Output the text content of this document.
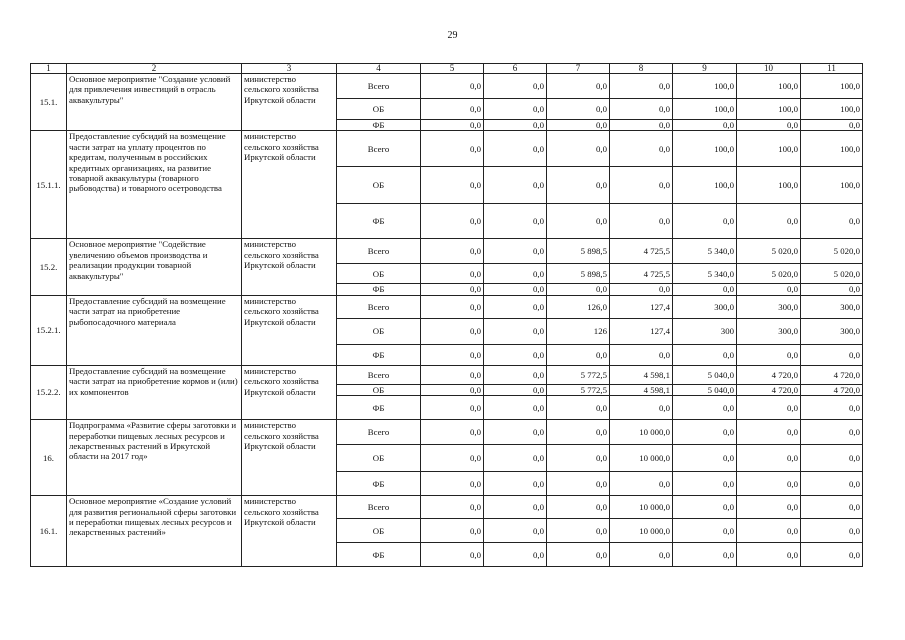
29
1	2	3	4	5	6	7	8	9	10	11
15.1.	Основное мероприятие "Создание условий для привлечения инвестиций в отрасль аквакультуры"	министерство сельского хозяйства Иркутской области	Всего	0,0	0,0	0,0	0,0	100,0	100,0	100,0
			ОБ	0,0	0,0	0,0	0,0	100,0	100,0	100,0
			ФБ	0,0	0,0	0,0	0,0	0,0	0,0	0,0
15.1.1.	Предоставление субсидий на возмещение части затрат на уплату процентов по кредитам, полученным в российских кредитных организациях, на развитие товарной аквакультуры (товарного рыбоводства) и товарного осетроводства	министерство сельского хозяйства Иркутской области	Всего	0,0	0,0	0,0	0,0	100,0	100,0	100,0
			ОБ	0,0	0,0	0,0	0,0	100,0	100,0	100,0
			ФБ	0,0	0,0	0,0	0,0	0,0	0,0	0,0
15.2.	Основное мероприятие "Содействие увеличению объемов производства и реализации продукции товарной аквакультуры"	министерство сельского хозяйства Иркутской области	Всего	0,0	0,0	5 898,5	4 725,5	5 340,0	5 020,0	5 020,0
			ОБ	0,0	0,0	5 898,5	4 725,5	5 340,0	5 020,0	5 020,0
			ФБ	0,0	0,0	0,0	0,0	0,0	0,0	0,0
15.2.1.	Предоставление субсидий на возмещение части затрат на приобретение рыбопосадочного материала	министерство сельского хозяйства Иркутской области	Всего	0,0	0,0	126,0	127,4	300,0	300,0	300,0
			ОБ	0,0	0,0	126	127,4	300	300,0	300,0
			ФБ	0,0	0,0	0,0	0,0	0,0	0,0	0,0
15.2.2.	Предоставление субсидий на возмещение части затрат на приобретение кормов и (или) их компонентов	министерство сельского хозяйства Иркутской области	Всего	0,0	0,0	5 772,5	4 598,1	5 040,0	4 720,0	4 720,0
			ОБ	0,0	0,0	5 772,5	4 598,1	5 040,0	4 720,0	4 720,0
			ФБ	0,0	0,0	0,0	0,0	0,0	0,0	0,0
16.	Подпрограмма «Развитие сферы заготовки и переработки пищевых лесных ресурсов и лекарственных растений в Иркутской области на 2017 год»	министерство сельского хозяйства Иркутской области	Всего	0,0	0,0	0,0	10 000,0	0,0	0,0	0,0
			ОБ	0,0	0,0	0,0	10 000,0	0,0	0,0	0,0
			ФБ	0,0	0,0	0,0	0,0	0,0	0,0	0,0
16.1.	Основное мероприятие «Создание условий для развития региональной сферы заготовки и переработки пищевых лесных ресурсов и лекарственных растений»	министерство сельского хозяйства Иркутской области	Всего	0,0	0,0	0,0	10 000,0	0,0	0,0	0,0
			ОБ	0,0	0,0	0,0	10 000,0	0,0	0,0	0,0
			ФБ	0,0	0,0	0,0	0,0	0,0	0,0	0,0
